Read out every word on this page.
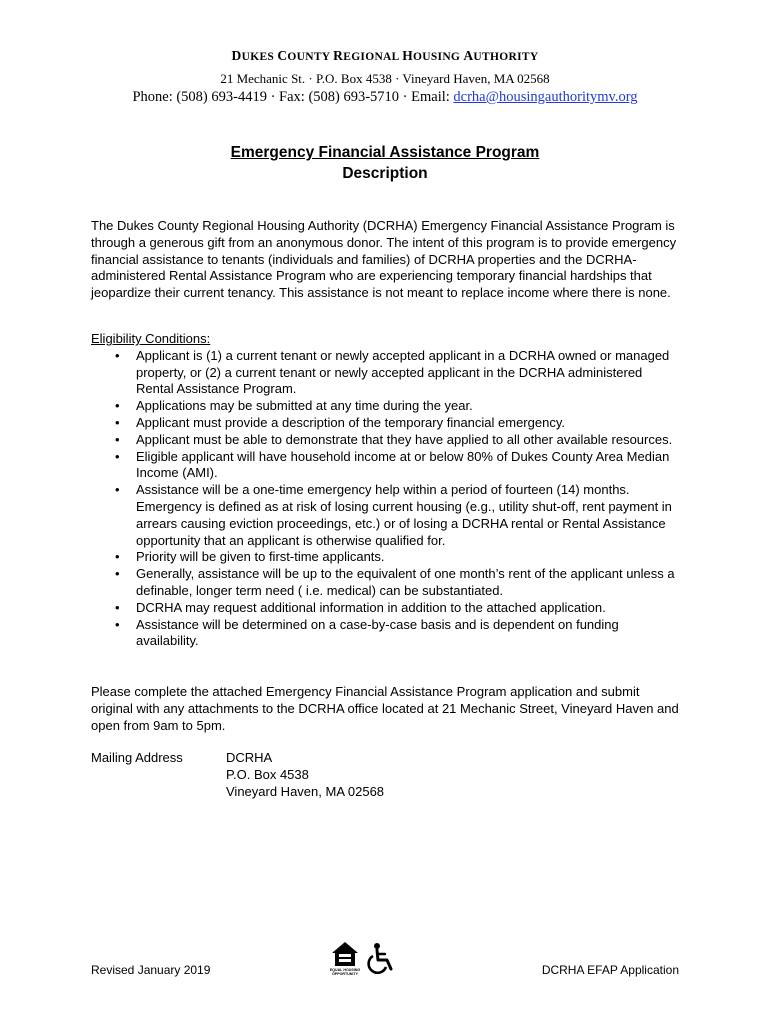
DUKES COUNTY REGIONAL HOUSING AUTHORITY
21 Mechanic St. · P.O. Box 4538 · Vineyard Haven, MA 02568
Phone: (508) 693-4419 · Fax: (508) 693-5710 · Email: dcrha@housingauthoritymv.org
Emergency Financial Assistance Program
Description
The Dukes County Regional Housing Authority (DCRHA) Emergency Financial Assistance Program is through a generous gift from an anonymous donor. The intent of this program is to provide emergency financial assistance to tenants (individuals and families) of DCRHA properties and the DCRHA-administered Rental Assistance Program who are experiencing temporary financial hardships that jeopardize their current tenancy. This assistance is not meant to replace income where there is none.
Eligibility Conditions:
• Applicant is (1) a current tenant or newly accepted applicant in a DCRHA owned or managed property, or (2) a current tenant or newly accepted applicant in the DCRHA administered Rental Assistance Program.
• Applications may be submitted at any time during the year.
• Applicant must provide a description of the temporary financial emergency.
• Applicant must be able to demonstrate that they have applied to all other available resources.
• Eligible applicant will have household income at or below 80% of Dukes County Area Median Income (AMI).
• Assistance will be a one-time emergency help within a period of fourteen (14) months. Emergency is defined as at risk of losing current housing (e.g., utility shut-off, rent payment in arrears causing eviction proceedings, etc.) or of losing a DCRHA rental or Rental Assistance opportunity that an applicant is otherwise qualified for.
• Priority will be given to first-time applicants.
• Generally, assistance will be up to the equivalent of one month’s rent of the applicant unless a definable, longer term need ( i.e. medical) can be substantiated.
• DCRHA may request additional information in addition to the attached application.
• Assistance will be determined on a case-by-case basis and is dependent on funding availability.
Please complete the attached Emergency Financial Assistance Program application and submit original with any attachments to the DCRHA office located at 21 Mechanic Street, Vineyard Haven and open from 9am to 5pm.
Mailing Address	DCRHA
P.O. Box 4538
Vineyard Haven, MA 02568
EQUAL HOUSING
OPPORTUNITY
Revised January 2019	DCRHA EFAP Application
